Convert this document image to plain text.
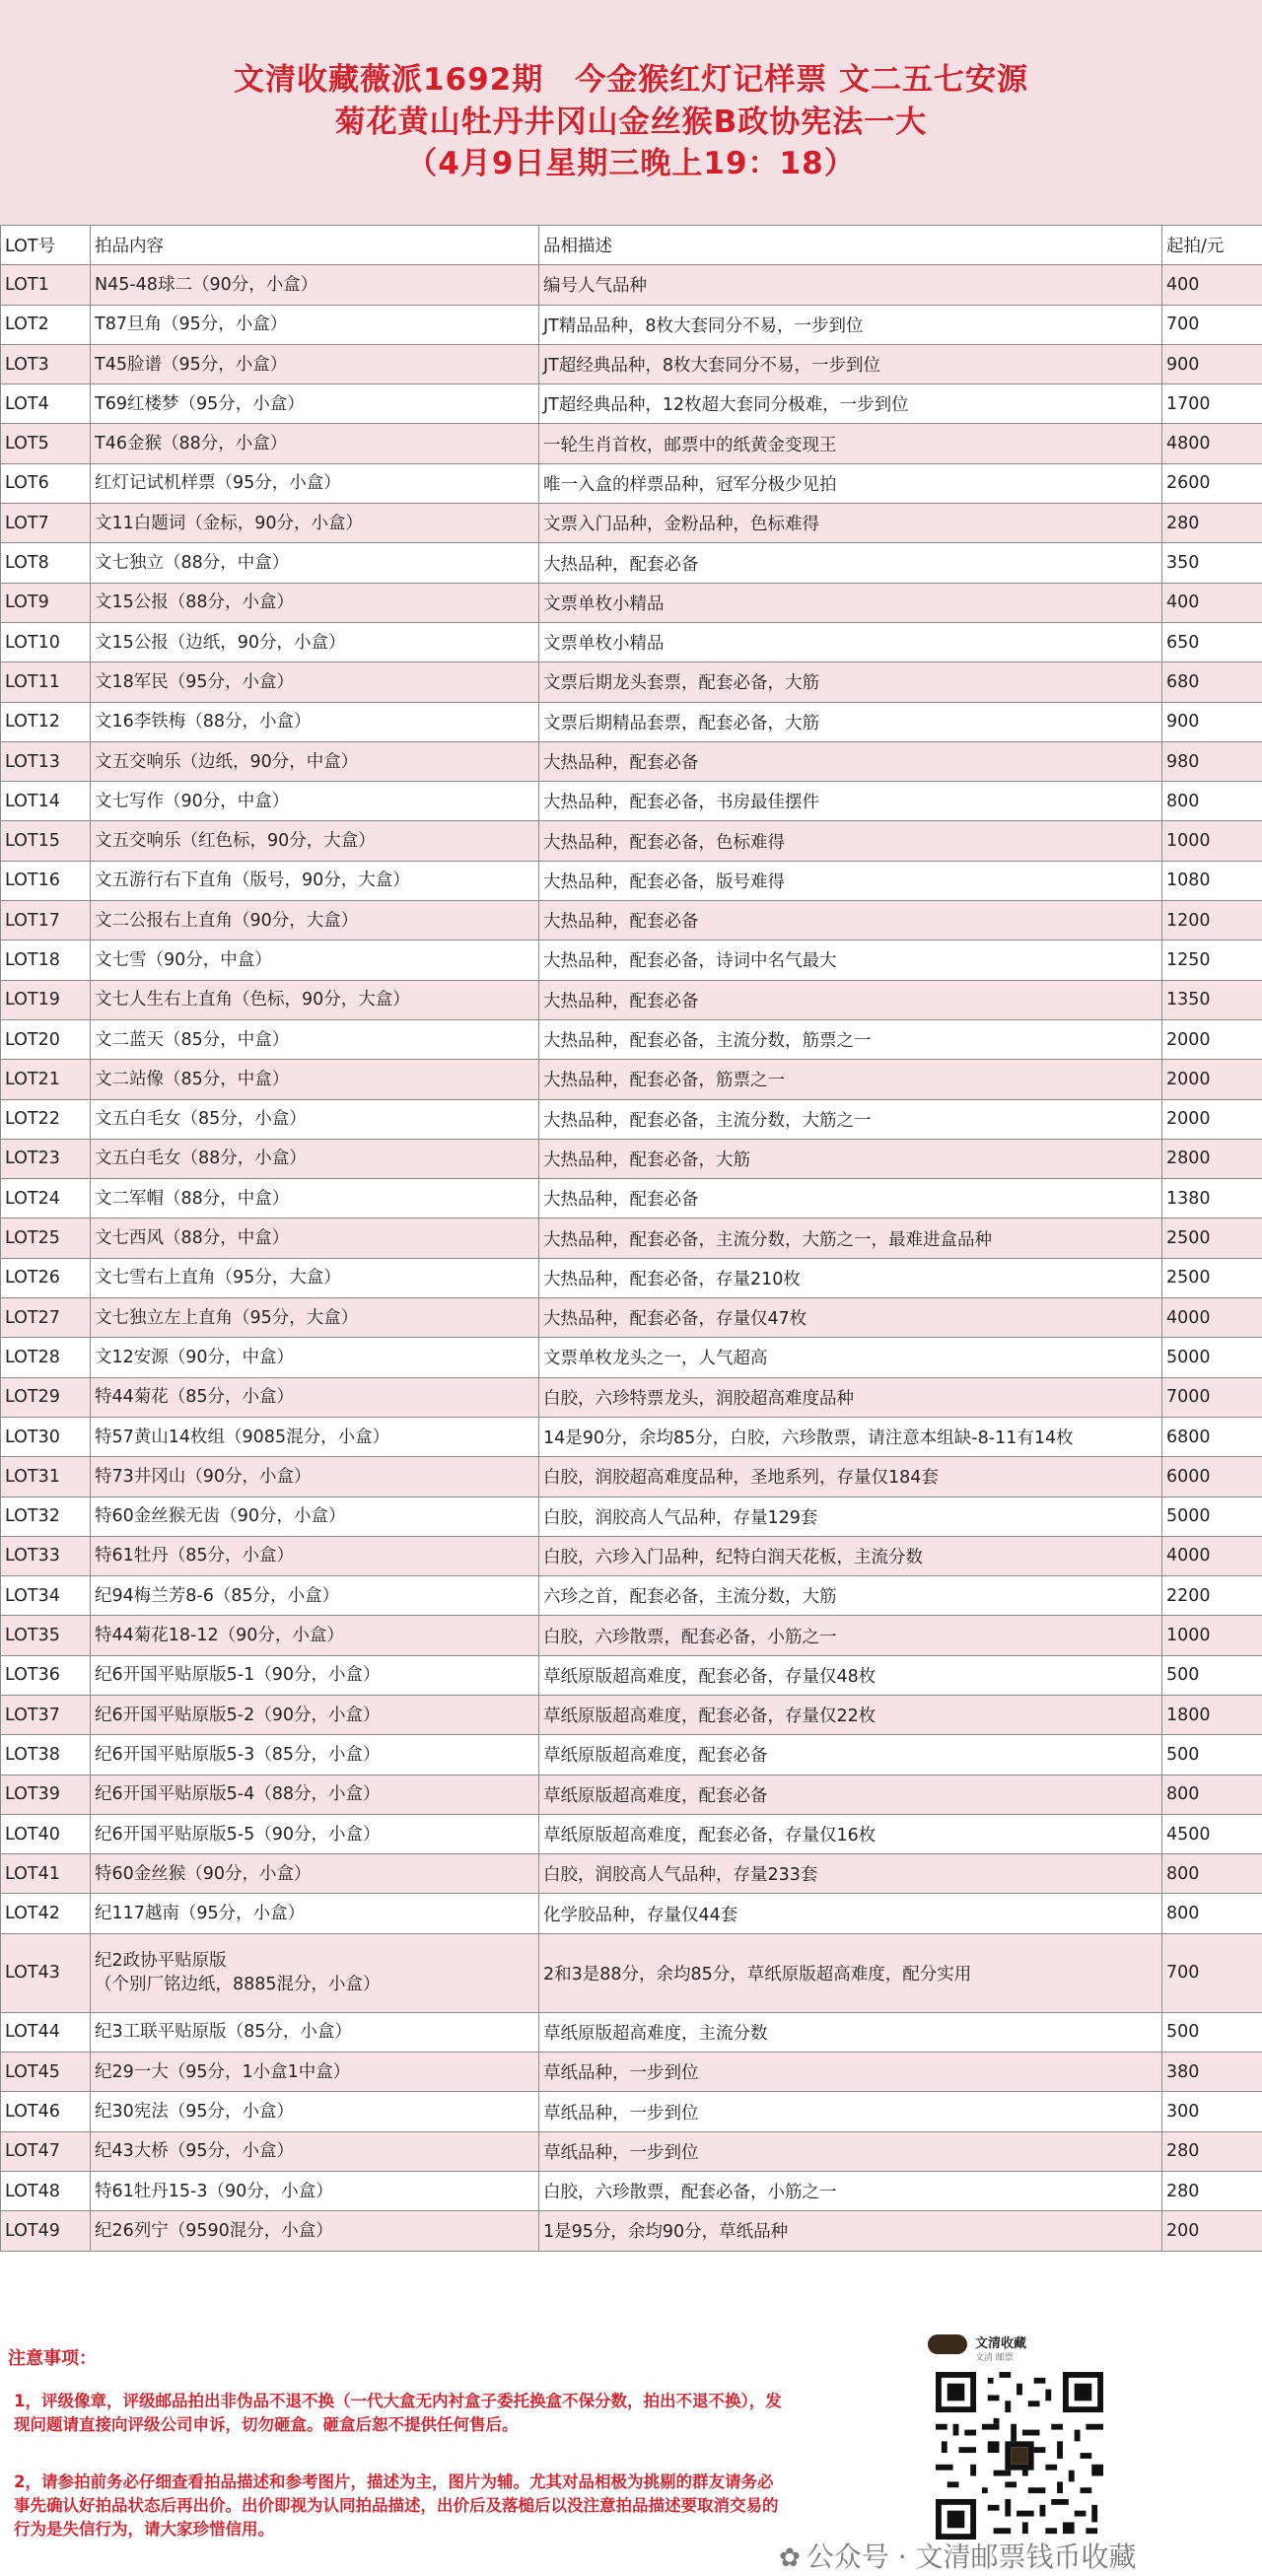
文清收藏薇派1692期　今金猴红灯记样票 文二五七安源
菊花黄山牡丹井冈山金丝猴B政协宪法一大
（4月9日星期三晚上19：18）
LOT号	拍品内容	品相描述	起拍/元
LOT1	N45-48球二（90分，小盒）	编号人气品种	400
LOT2	T87旦角（95分，小盒）	JT精品品种，8枚大套同分不易，一步到位	700
LOT3	T45脸谱（95分，小盒）	JT超经典品种，8枚大套同分不易，一步到位	900
LOT4	T69红楼梦（95分，小盒）	JT超经典品种，12枚超大套同分极难，一步到位	1700
LOT5	T46金猴（88分，小盒）	一轮生肖首枚，邮票中的纸黄金变现王	4800
LOT6	红灯记试机样票（95分，小盒）	唯一入盒的样票品种，冠军分极少见拍	2600
LOT7	文11白题词（金标，90分，小盒）	文票入门品种，金粉品种，色标难得	280
LOT8	文七独立（88分，中盒）	大热品种，配套必备	350
LOT9	文15公报（88分，小盒）	文票单枚小精品	400
LOT10	文15公报（边纸，90分，小盒）	文票单枚小精品	650
LOT11	文18军民（95分，小盒）	文票后期龙头套票，配套必备，大筋	680
LOT12	文16李铁梅（88分，小盒）	文票后期精品套票，配套必备，大筋	900
LOT13	文五交响乐（边纸，90分，中盒）	大热品种，配套必备	980
LOT14	文七写作（90分，中盒）	大热品种，配套必备，书房最佳摆件	800
LOT15	文五交响乐（红色标，90分，大盒）	大热品种，配套必备，色标难得	1000
LOT16	文五游行右下直角（版号，90分，大盒）	大热品种，配套必备，版号难得	1080
LOT17	文二公报右上直角（90分，大盒）	大热品种，配套必备	1200
LOT18	文七雪（90分，中盒）	大热品种，配套必备，诗词中名气最大	1250
LOT19	文七人生右上直角（色标，90分，大盒）	大热品种，配套必备	1350
LOT20	文二蓝天（85分，中盒）	大热品种，配套必备，主流分数，筋票之一	2000
LOT21	文二站像（85分，中盒）	大热品种，配套必备，筋票之一	2000
LOT22	文五白毛女（85分，小盒）	大热品种，配套必备，主流分数，大筋之一	2000
LOT23	文五白毛女（88分，小盒）	大热品种，配套必备，大筋	2800
LOT24	文二军帽（88分，中盒）	大热品种，配套必备	1380
LOT25	文七西风（88分，中盒）	大热品种，配套必备，主流分数，大筋之一，最难进盒品种	2500
LOT26	文七雪右上直角（95分，大盒）	大热品种，配套必备，存量210枚	2500
LOT27	文七独立左上直角（95分，大盒）	大热品种，配套必备，存量仅47枚	4000
LOT28	文12安源（90分，中盒）	文票单枚龙头之一，人气超高	5000
LOT29	特44菊花（85分，小盒）	白胶，六珍特票龙头，润胶超高难度品种	7000
LOT30	特57黄山14枚组（9085混分，小盒）	14是90分，余均85分，白胶，六珍散票，请注意本组缺-8-11有14枚	6800
LOT31	特73井冈山（90分，小盒）	白胶，润胶超高难度品种，圣地系列，存量仅184套	6000
LOT32	特60金丝猴无齿（90分，小盒）	白胶，润胶高人气品种，存量129套	5000
LOT33	特61牡丹（85分，小盒）	白胶，六珍入门品种，纪特白润天花板，主流分数	4000
LOT34	纪94梅兰芳8-6（85分，小盒）	六珍之首，配套必备，主流分数，大筋	2200
LOT35	特44菊花18-12（90分，小盒）	白胶，六珍散票，配套必备，小筋之一	1000
LOT36	纪6开国平贴原版5-1（90分，小盒）	草纸原版超高难度，配套必备，存量仅48枚	500
LOT37	纪6开国平贴原版5-2（90分，小盒）	草纸原版超高难度，配套必备，存量仅22枚	1800
LOT38	纪6开国平贴原版5-3（85分，小盒）	草纸原版超高难度，配套必备	500
LOT39	纪6开国平贴原版5-4（88分，小盒）	草纸原版超高难度，配套必备	800
LOT40	纪6开国平贴原版5-5（90分，小盒）	草纸原版超高难度，配套必备，存量仅16枚	4500
LOT41	特60金丝猴（90分，小盒）	白胶，润胶高人气品种，存量233套	800
LOT42	纪117越南（95分，小盒）	化学胶品种，存量仅44套	800
LOT43	纪2政协平贴原版
（个别厂铭边纸，8885混分，小盒）	2和3是88分，余均85分，草纸原版超高难度，配分实用	700
LOT44	纪3工联平贴原版（85分，小盒）	草纸原版超高难度，主流分数	500
LOT45	纪29一大（95分，1小盒1中盒）	草纸品种，一步到位	380
LOT46	纪30宪法（95分，小盒）	草纸品种，一步到位	300
LOT47	纪43大桥（95分，小盒）	草纸品种，一步到位	280
LOT48	特61牡丹15-3（90分，小盒）	白胶，六珍散票，配套必备，小筋之一	280
LOT49	纪26列宁（9590混分，小盒）	1是95分，余均90分，草纸品种	200
注意事项：
1，评级像章，评级邮品拍出非伪品不退不换（一代大盒无内衬盒子委托换盒不保分数，拍出不退不换），发现问题请直接向评级公司申诉，切勿砸盒。砸盒后恕不提供任何售后。
2，请参拍前务必仔细查看拍品描述和参考图片，描述为主，图片为辅。尤其对品相极为挑剔的群友请务必事先确认好拍品状态后再出价。出价即视为认同拍品描述，出价后及落槌后以没注意拍品描述要取消交易的行为是失信行为，请大家珍惜信用。
文清收藏
文清 邮票
✿ 公众号 · 文清邮票钱币收藏
